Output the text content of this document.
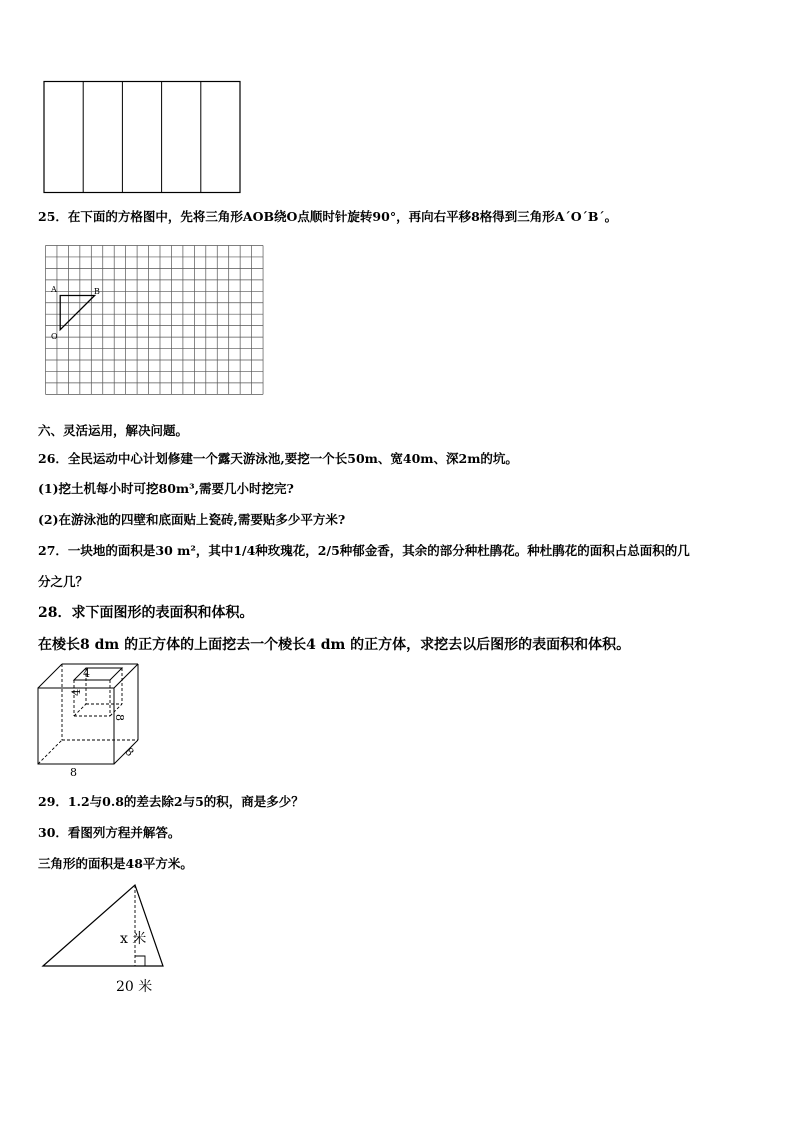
25．在下面的方格图中，先将三角形AOB绕O点顺时针旋转90°，再向右平移8格得到三角形A´O´B´。
A	B
O
六、灵活运用，解决问题。
26．全民运动中心计划修建一个露天游泳池,要挖一个长50m、宽40m、深2m的坑。
(1)挖土机每小时可挖80m³,需要几小时挖完?
(2)在游泳池的四壁和底面贴上瓷砖,需要贴多少平方米?
27．一块地的面积是30 m²，其中1/4种玫瑰花，2/5种郁金香，其余的部分种杜鹃花。种杜鹃花的面积占总面积的几
分之几？
28．求下面图形的表面积和体积。
在棱长8 dm 的正方体的上面挖去一个棱长4 dm 的正方体，求挖去以后图形的表面积和体积。
4
4
8
8
8
29．1.2与0.8的差去除2与5的积，商是多少？
30．看图列方程并解答。
三角形的面积是48平方米。
x 米
20 米
